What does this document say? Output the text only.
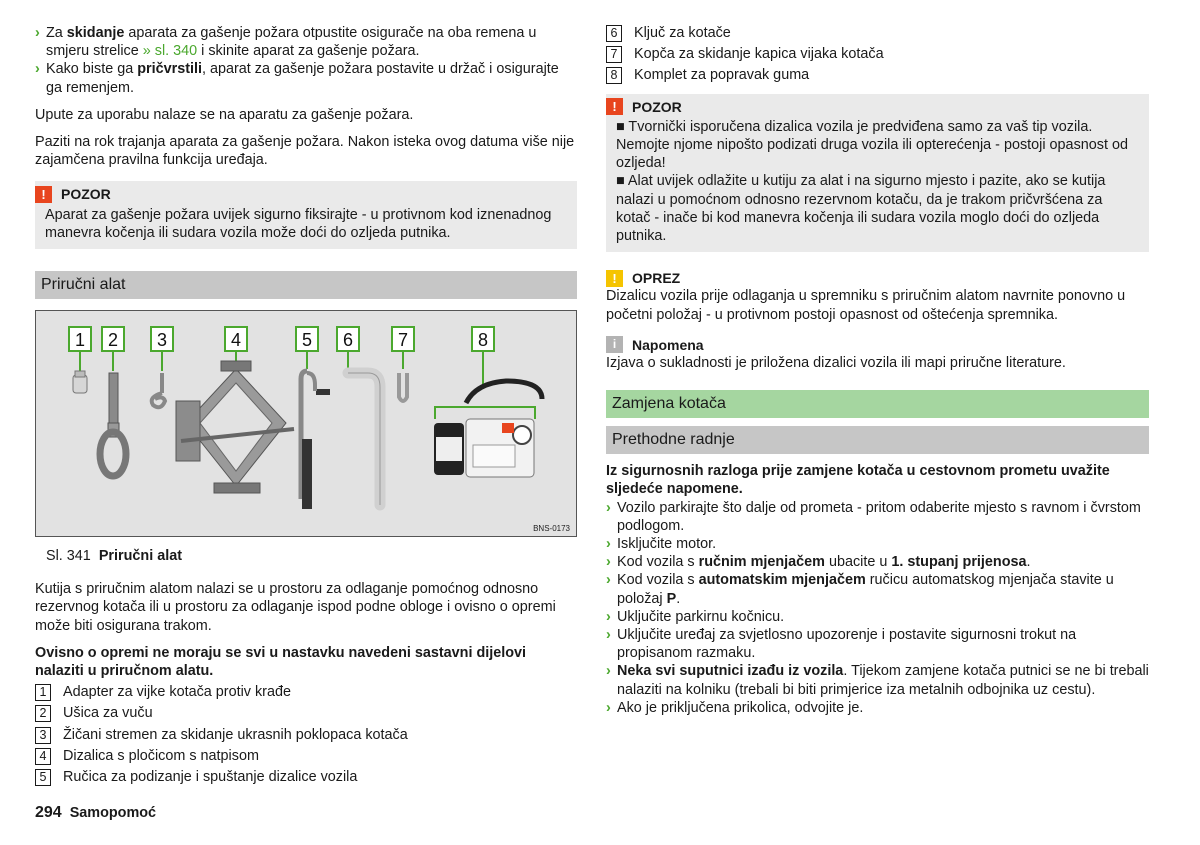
› Za skidanje aparata za gašenje požara otpustite osigurače na oba remena u smjeru strelice » sl. 340 i skinite aparat za gašenje požara.
› Kako biste ga pričvrstili, aparat za gašenje požara postavite u držač i osigurajte ga remenjem.

Upute za uporabu nalaze se na aparatu za gašenje požara.

Paziti na rok trajanja aparata za gašenje požara. Nakon isteka ovog datuma više nije zajamčena pravilna funkcija uređaja.

!	POZOR

Aparat za gašenje požara uvijek sigurno fiksirajte - u protivnom kod iznenadnog manevra kočenja ili sudara vozila može doći do ozljeda putnika.

Priručni alat
1 2 3	4	5 6 7	8
BNS-0173
Sl. 341 Priručni alat

Kutija s priručnim alatom nalazi se u prostoru za odlaganje pomoćnog odnosno rezervnog kotača ili u prostoru za odlaganje ispod podne obloge i ovisno o opremi može biti osigurana trakom.

Ovisno o opremi ne moraju se svi u nastavku navedeni sastavni dijelovi nalaziti u priručnom alatu.

1	Adapter za vijke kotača protiv krađe
2	Ušica za vuču
3	Žičani stremen za skidanje ukrasnih poklopaca kotača
4	Dizalica s pločicom s natpisom
5	Ručica za podizanje i spuštanje dizalice vozila
6	Ključ za kotače
7	Kopča za skidanje kapica vijaka kotača
8	Komplet za popravak guma
!	POZOR

■ Tvornički isporučena dizalica vozila je predviđena samo za vaš tip vozila. Nemojte njome nipošto podizati druga vozila ili opterećenja - postoji opasnost od ozljeda!

■ Alat uvijek odlažite u kutiju za alat i na sigurno mjesto i pazite, ako se kutija nalazi u pomoćnom odnosno rezervnom kotaču, da je trakom pričvršćena za kotač - inače bi kod manevra kočenja ili sudara vozila moglo doći do ozljeda putnika.

!	OPREZ

Dizalicu vozila prije odlaganja u spremniku s priručnim alatom navrnite ponovno u početni položaj - u protivnom postoji opasnost od oštećenja spremnika.

i	Napomena

Izjava o sukladnosti je priložena dizalici vozila ili mapi priručne literature.

Zamjena kotača
Prethodne radnje

Iz sigurnosnih razloga prije zamjene kotača u cestovnom prometu uvažite sljedeće napomene.

› Vozilo parkirajte što dalje od prometa - pritom odaberite mjesto s ravnom i čvrstom podlogom.
› Isključite motor.
› Kod vozila s ručnim mjenjačem ubacite u 1. stupanj prijenosa.
› Kod vozila s automatskim mjenjačem ručicu automatskog mjenjača stavite u položaj P.
› Uključite parkirnu kočnicu.
› Uključite uređaj za svjetlosno upozorenje i postavite sigurnosni trokut na propisanom razmaku.
› Neka svi suputnici izađu iz vozila. Tijekom zamjene kotača putnici se ne bi trebali nalaziti na kolniku (trebali bi biti primjerice iza metalnih odbojnika uz cestu).
› Ako je priključena prikolica, odvojite je.
294 Samopomoć
